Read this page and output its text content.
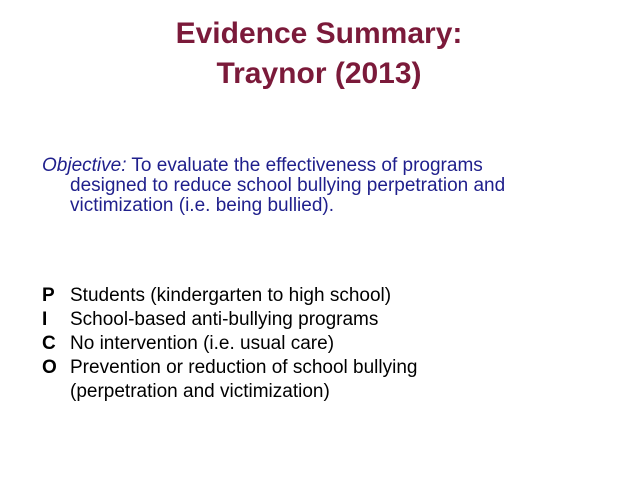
Evidence Summary:
Traynor (2013)
Objective: To evaluate the effectiveness of programs
designed to reduce school bullying perpetration and
victimization (i.e. being bullied).
P Students (kindergarten to high school)
I	School-based anti-bullying programs
C No intervention (i.e. usual care)
O Prevention or reduction of school bullying
(perpetration and victimization)
